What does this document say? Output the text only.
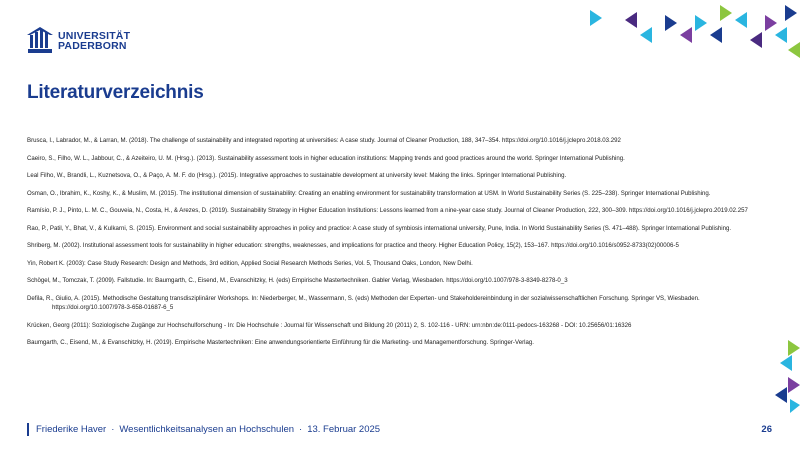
UNIVERSITÄT
PADERBORN
Literaturverzeichnis

Brusca, I., Labrador, M., & Larran, M. (2018). The challenge of sustainability and integrated reporting at universities: A case study. Journal of Cleaner Production, 188, 347–354. https://doi.org/10.1016/j.jclepro.2018.03.292

Caeiro, S., Filho, W. L., Jabbour, C., & Azeiteiro, U. M. (Hrsg.). (2013). Sustainability assessment tools in higher education institutions: Mapping trends and good practices around the world. Springer International Publishing.

Leal Filho, W., Brandli, L., Kuznetsova, O., & Paço, A. M. F. do (Hrsg.). (2015). Integrative approaches to sustainable development at university level: Making the links. Springer International Publishing.

Osman, O., Ibrahim, K., Koshy, K., & Muslim, M. (2015). The institutional dimension of sustainability: Creating an enabling environment for sustainability transformation at USM. In World Sustainability Series (S. 225–238). Springer International Publishing.

Ramísio, P. J., Pinto, L. M. C., Gouveia, N., Costa, H., & Arezes, D. (2019). Sustainability Strategy in Higher Education Institutions: Lessons learned from a nine-year case study. Journal of Cleaner Production, 222, 300–309. https://doi.org/10.1016/j.jclepro.2019.02.257

Rao, P., Patil, Y., Bhat, V., & Kulkarni, S. (2015). Environment and social sustainability approaches in policy and practice: A case study of symbiosis international university, Pune, India. In World Sustainability Series (S. 471–488). Springer International Publishing.

Shriberg, M. (2002). Institutional assessment tools for sustainability in higher education: strengths, weaknesses, and implications for practice and theory. Higher Education Policy, 15(2), 153–167. https://doi.org/10.1016/s0952-8733(02)00006-5

Yin, Robert K. (2003): Case Study Research: Design and Methods, 3rd edition, Applied Social Research Methods Series, Vol. 5, Thousand Oaks, London, New Delhi.

Schögel, M., Tomczak, T. (2009). Fallstudie. In: Baumgarth, C., Eisend, M., Evanschitzky, H. (eds) Empirische Mastertechniken. Gabler Verlag, Wiesbaden. https://doi.org/10.1007/978-3-8349-8278-0_3

Defila, R., Giulio, A. (2015). Methodische Gestaltung transdisziplinärer Workshops. In: Niederberger, M., Wassermann, S. (eds) Methoden der Experten- und Stakeholdereinbindung in der sozialwissenschaftlichen Forschung. Springer VS, Wiesbaden. https://doi.org/10.1007/978-3-658-01687-6_5

Krücken, Georg (2011): Soziologische Zugänge zur Hochschulforschung - In: Die Hochschule : Journal für Wissenschaft und Bildung 20 (2011) 2, S. 102-116 - URN: urn:nbn:de:0111-pedocs-163268 - DOI: 10.25656/01:16326

Baumgarth, C., Eisend, M., & Evanschitzky, H. (2019). Empirische Mastertechniken: Eine anwendungsorientierte Einführung für die Marketing- und Managementforschung. Springer-Verlag.

Friederike Haver · Wesentlichkeitsanalysen an Hochschulen · 13. Februar 2025	26
